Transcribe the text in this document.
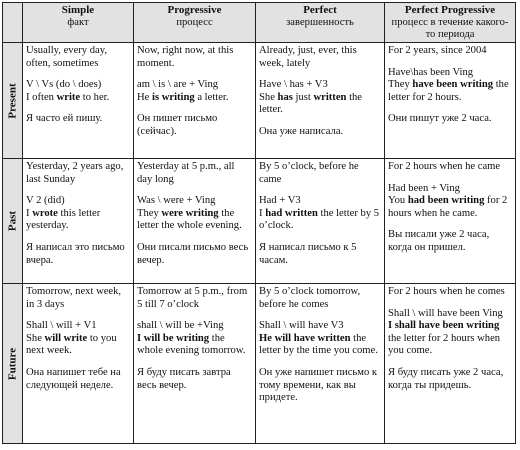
Simple
факт
Progressive
процесс
Perfect
завершенность
Perfect Progressive
процесс в течение какого-то периода
Present
Usually, every day, often, sometimes
V \ Vs (do \ does)
I often write to her.
Я часто ей пишу.
Now, right now, at this moment.
am \ is \ are + Ving
He is writing a letter.
Он пишет письмо (сейчас).
Already, just, ever, this week, lately
Have \ has + V3
She has just written the letter.
Она уже написала.
For 2 years, since 2004
Have\has been Ving
They have been writing the letter for 2 hours.
Они пишут уже 2 часа.
Past
Yesterday, 2 years ago, last Sunday
V 2 (did)
I wrote this letter yesterday.
Я написал это письмо вчера.
Yesterday at 5 p.m., all day long
Was \ were + Ving
They were writing the letter the whole evening.
Они писали письмо весь вечер.
By 5 o’clock, before he came
Had + V3
I had written the letter by 5 o’clock.
Я написал письмо к 5 часам.
For 2 hours when he came
Had been + Ving
You had been writing for 2 hours when he came.
Вы писали уже 2 часа, когда он пришел.
Future
Tomorrow, next week, in 3 days
Shall \ will + V1
She will write to you next week.
Она напишет тебе на следующей неделе.
Tomorrow at 5 p.m., from 5 till 7 o’clock
shall \ will be +Ving
I will be writing the whole evening tomorrow.
Я буду писать завтра весь вечер.
By 5 o’clock tomorrow, before he comes
Shall \ will have V3
He will have written the letter by the time you come.
Он уже напишет письмо к тому времени, как вы придете.
For 2 hours when he comes
Shall \ will have been Ving
I shall have been writing the letter for 2 hours when you come.
Я буду писать уже 2 часа, когда ты придешь.
